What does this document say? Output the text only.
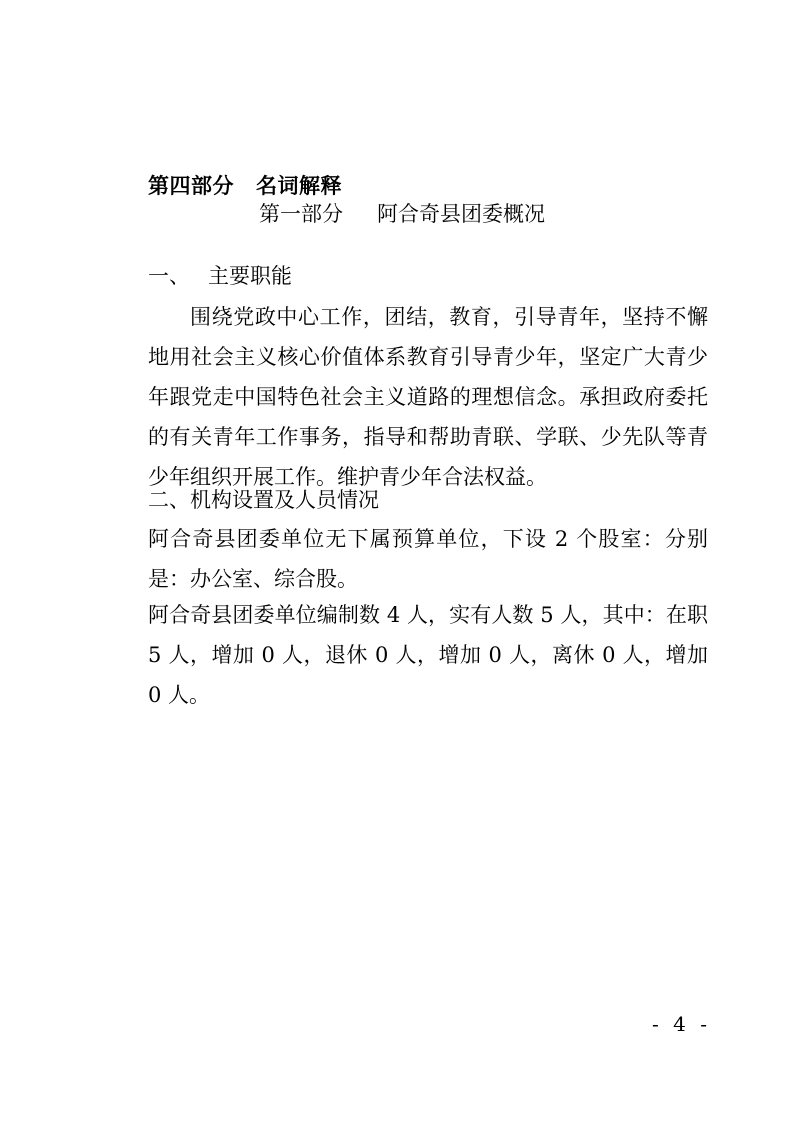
第四部分 名词解释
第一部分 阿合奇县团委概况
一、 主要职能

围绕党政中心工作，团结，教育，引导青年，坚持不懈地用社会主义核心价值体系教育引导青少年，坚定广大青少年跟党走中国特色社会主义道路的理想信念。承担政府委托的有关青年工作事务，指导和帮助青联、学联、少先队等青少年组织开展工作。维护青少年合法权益。

二、机构设置及人员情况

阿合奇县团委单位无下属预算单位，下设 2 个股室：分别是：办公室、综合股。

阿合奇县团委单位编制数 4 人，实有人数 5 人，其中：在职5 人，增加 0 人，退休 0 人，增加 0 人，离休 0 人，增加 0 人。

- 4 -
